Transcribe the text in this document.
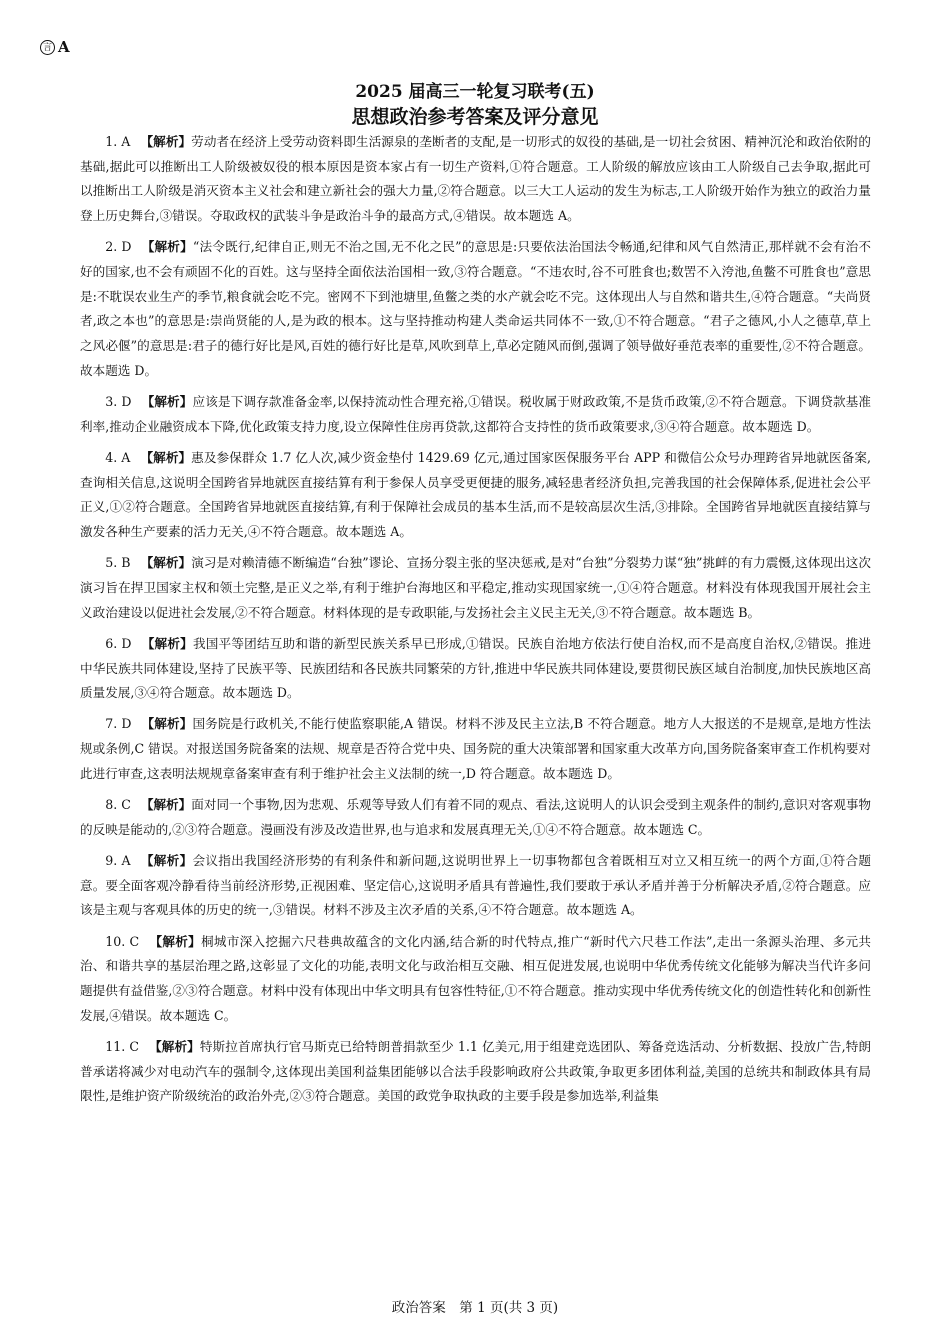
言 A
2025 届高三一轮复习联考(五)
思想政治参考答案及评分意见

1. A 【解析】劳动者在经济上受劳动资料即生活源泉的垄断者的支配,是一切形式的奴役的基础,是一切社会贫困、精神沉沦和政治依附的基础,据此可以推断出工人阶级被奴役的根本原因是资本家占有一切生产资料,①符合题意。工人阶级的解放应该由工人阶级自己去争取,据此可以推断出工人阶级是消灭资本主义社会和建立新社会的强大力量,②符合题意。以三大工人运动的发生为标志,工人阶级开始作为独立的政治力量登上历史舞台,③错误。夺取政权的武装斗争是政治斗争的最高方式,④错误。故本题选 A。

2. D 【解析】“法令既行,纪律自正,则无不治之国,无不化之民”的意思是:只要依法治国法令畅通,纪律和风气自然清正,那样就不会有治不好的国家,也不会有顽固不化的百姓。这与坚持全面依法治国相一致,③符合题意。“不违农时,谷不可胜食也;数罟不入洿池,鱼鳖不可胜食也”意思是:不耽误农业生产的季节,粮食就会吃不完。密网不下到池塘里,鱼鳖之类的水产就会吃不完。这体现出人与自然和谐共生,④符合题意。“夫尚贤者,政之本也”的意思是:崇尚贤能的人,是为政的根本。这与坚持推动构建人类命运共同体不一致,①不符合题意。“君子之德风,小人之德草,草上之风必偃”的意思是:君子的德行好比是风,百姓的德行好比是草,风吹到草上,草必定随风而倒,强调了领导做好垂范表率的重要性,②不符合题意。故本题选 D。

3. D 【解析】应该是下调存款准备金率,以保持流动性合理充裕,①错误。税收属于财政政策,不是货币政策,②不符合题意。下调贷款基准利率,推动企业融资成本下降,优化政策支持力度,设立保障性住房再贷款,这都符合支持性的货币政策要求,③④符合题意。故本题选 D。

4. A 【解析】惠及参保群众 1.7 亿人次,减少资金垫付 1429.69 亿元,通过国家医保服务平台 APP 和微信公众号办理跨省异地就医备案,查询相关信息,这说明全国跨省异地就医直接结算有利于参保人员享受更便捷的服务,减轻患者经济负担,完善我国的社会保障体系,促进社会公平正义,①②符合题意。全国跨省异地就医直接结算,有利于保障社会成员的基本生活,而不是较高层次生活,③排除。全国跨省异地就医直接结算与激发各种生产要素的活力无关,④不符合题意。故本题选 A。

5. B 【解析】演习是对赖清德不断编造“台独”谬论、宣扬分裂主张的坚决惩戒,是对“台独”分裂势力谋“独”挑衅的有力震慑,这体现出这次演习旨在捍卫国家主权和领土完整,是正义之举,有利于维护台海地区和平稳定,推动实现国家统一,①④符合题意。材料没有体现我国开展社会主义政治建设以促进社会发展,②不符合题意。材料体现的是专政职能,与发扬社会主义民主无关,③不符合题意。故本题选 B。

6. D 【解析】我国平等团结互助和谐的新型民族关系早已形成,①错误。民族自治地方依法行使自治权,而不是高度自治权,②错误。推进中华民族共同体建设,坚持了民族平等、民族团结和各民族共同繁荣的方针,推进中华民族共同体建设,要贯彻民族区域自治制度,加快民族地区高质量发展,③④符合题意。故本题选 D。

7. D 【解析】国务院是行政机关,不能行使监察职能,A 错误。材料不涉及民主立法,B 不符合题意。地方人大报送的不是规章,是地方性法规或条例,C 错误。对报送国务院备案的法规、规章是否符合党中央、国务院的重大决策部署和国家重大改革方向,国务院备案审查工作机构要对此进行审查,这表明法规规章备案审查有利于维护社会主义法制的统一,D 符合题意。故本题选 D。

8. C 【解析】面对同一个事物,因为悲观、乐观等导致人们有着不同的观点、看法,这说明人的认识会受到主观条件的制约,意识对客观事物的反映是能动的,②③符合题意。漫画没有涉及改造世界,也与追求和发展真理无关,①④不符合题意。故本题选 C。

9. A 【解析】会议指出我国经济形势的有利条件和新问题,这说明世界上一切事物都包含着既相互对立又相互统一的两个方面,①符合题意。要全面客观冷静看待当前经济形势,正视困难、坚定信心,这说明矛盾具有普遍性,我们要敢于承认矛盾并善于分析解决矛盾,②符合题意。应该是主观与客观具体的历史的统一,③错误。材料不涉及主次矛盾的关系,④不符合题意。故本题选 A。

10. C 【解析】桐城市深入挖掘六尺巷典故蕴含的文化内涵,结合新的时代特点,推广“新时代六尺巷工作法”,走出一条源头治理、多元共治、和谐共享的基层治理之路,这彰显了文化的功能,表明文化与政治相互交融、相互促进发展,也说明中华优秀传统文化能够为解决当代许多问题提供有益借鉴,②③符合题意。材料中没有体现出中华文明具有包容性特征,①不符合题意。推动实现中华优秀传统文化的创造性转化和创新性发展,④错误。故本题选 C。

11. C 【解析】特斯拉首席执行官马斯克已给特朗普捐款至少 1.1 亿美元,用于组建竞选团队、筹备竞选活动、分析数据、投放广告,特朗普承诺将减少对电动汽车的强制令,这体现出美国利益集团能够以合法手段影响政府公共政策,争取更多团体利益,美国的总统共和制政体具有局限性,是维护资产阶级统治的政治外壳,②③符合题意。美国的政党争取执政的主要手段是参加选举,利益集

政治答案　第 1 页(共 3 页)
